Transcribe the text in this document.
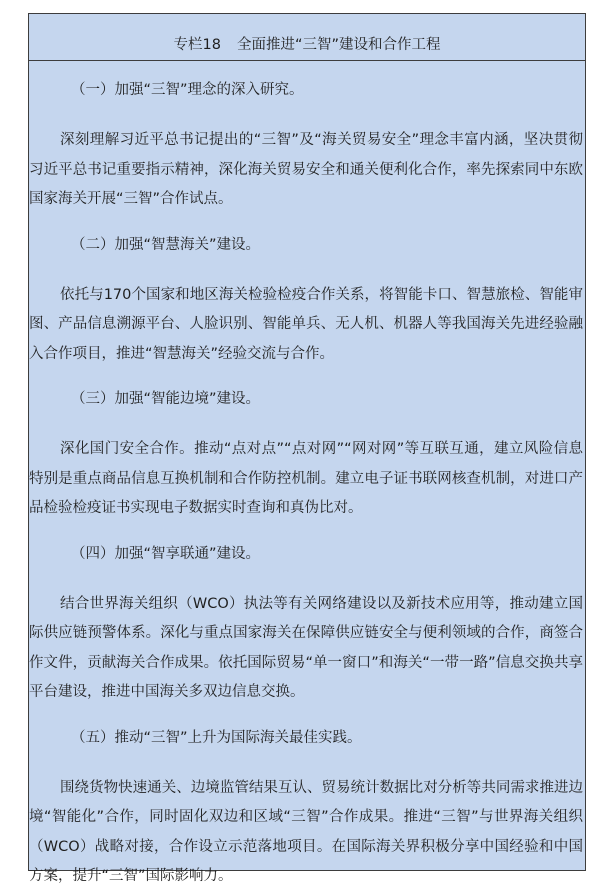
专栏18 全面推进“三智”建设和合作工程

（一）加强“三智”理念的深入研究。

深刻理解习近平总书记提出的“三智”及“海关贸易安全”理念丰富内涵，坚决贯彻习近平总书记重要指示精神，深化海关贸易安全和通关便利化合作，率先探索同中东欧国家海关开展“三智”合作试点。

（二）加强“智慧海关”建设。

依托与170个国家和地区海关检验检疫合作关系，将智能卡口、智慧旅检、智能审图、产品信息溯源平台、人脸识别、智能单兵、无人机、机器人等我国海关先进经验融入合作项目，推进“智慧海关”经验交流与合作。

（三）加强“智能边境”建设。

深化国门安全合作。推动“点对点”“点对网”“网对网”等互联互通，建立风险信息特别是重点商品信息互换机制和合作防控机制。建立电子证书联网核查机制，对进口产品检验检疫证书实现电子数据实时查询和真伪比对。

（四）加强“智享联通”建设。

结合世界海关组织（WCO）执法等有关网络建设以及新技术应用等，推动建立国际供应链预警体系。深化与重点国家海关在保障供应链安全与便利领域的合作，商签合作文件，贡献海关合作成果。依托国际贸易“单一窗口”和海关“一带一路”信息交换共享平台建设，推进中国海关多双边信息交换。

（五）推动“三智”上升为国际海关最佳实践。

围绕货物快速通关、边境监管结果互认、贸易统计数据比对分析等共同需求推进边境“智能化”合作，同时固化双边和区域“三智”合作成果。推进“三智”与世界海关组织（WCO）战略对接，合作设立示范落地项目。在国际海关界积极分享中国经验和中国方案，提升“三智”国际影响力。
